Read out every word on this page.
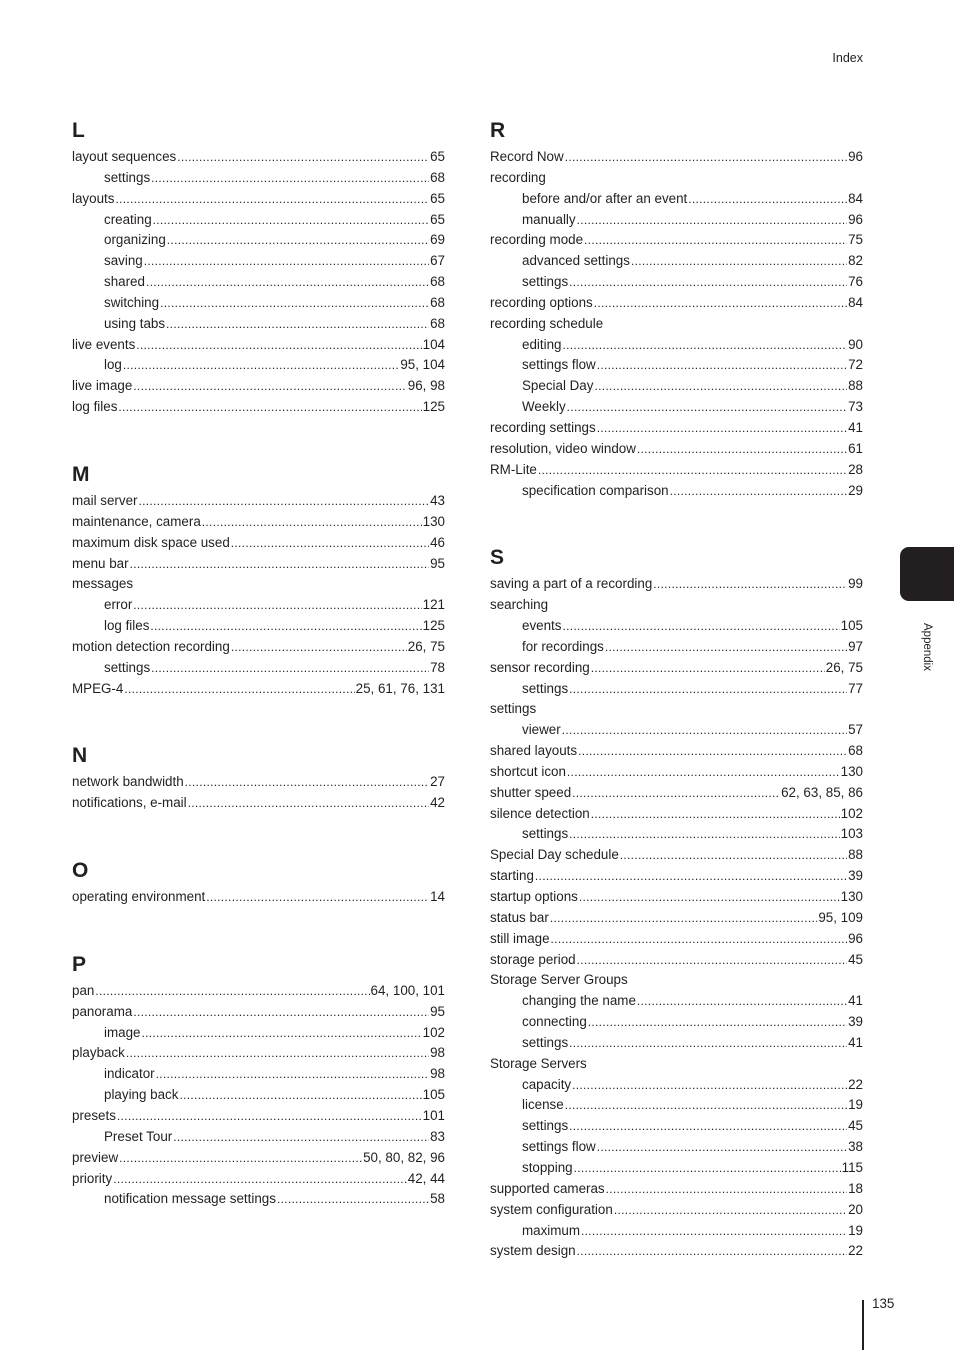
Index
L
layout sequences .....	65
settings .....	68
layouts .....	65
creating .....	65
organizing .....	69
saving .....	67
shared .....	68
switching .....	68
using tabs .....	68
live events .....	104
log .....	95, 104
live image .....	96, 98
log files .....	125
M
mail server .....	43
maintenance, camera .....	130
maximum disk space used .....	46
menu bar .....	95
messages
error .....	121
log files .....	125
motion detection recording .....	26, 75
settings .....	78
MPEG-4 .....	25, 61, 76, 131
N
network bandwidth .....	27
notifications, e-mail .....	42
O
operating environment .....	14
P
pan .....	64, 100, 101
panorama .....	95
image .....	102
playback .....	98
indicator .....	98
playing back .....	105
presets .....	101
Preset Tour .....	83
preview .....	50, 80, 82, 96
priority .....	42, 44
notification message settings .....	58
R
Record Now .....	96
recording
before and/or after an event .....	84
manually .....	96
recording mode .....	75
advanced settings .....	82
settings .....	76
recording options .....	84
recording schedule
editing .....	90
settings flow .....	72
Special Day .....	88
Weekly .....	73
recording settings .....	41
resolution, video window .....	61
RM-Lite .....	28
specification comparison .....	29
S
saving a part of a recording .....	99
searching
events .....	105
for recordings .....	97
sensor recording .....	26, 75
settings .....	77
settings
viewer .....	57
shared layouts .....	68
shortcut icon .....	130
shutter speed .....	62, 63, 85, 86
silence detection .....	102
settings .....	103
Special Day schedule .....	88
starting .....	39
startup options .....	130
status bar .....	95, 109
still image .....	96
storage period .....	45
Storage Server Groups
changing the name .....	41
connecting .....	39
settings .....	41
Storage Servers
capacity .....	22
license .....	19
settings .....	45
settings flow .....	38
stopping .....	115
supported cameras .....	18
system configuration .....	20
maximum .....	19
system design .....	22
Appendix
135
